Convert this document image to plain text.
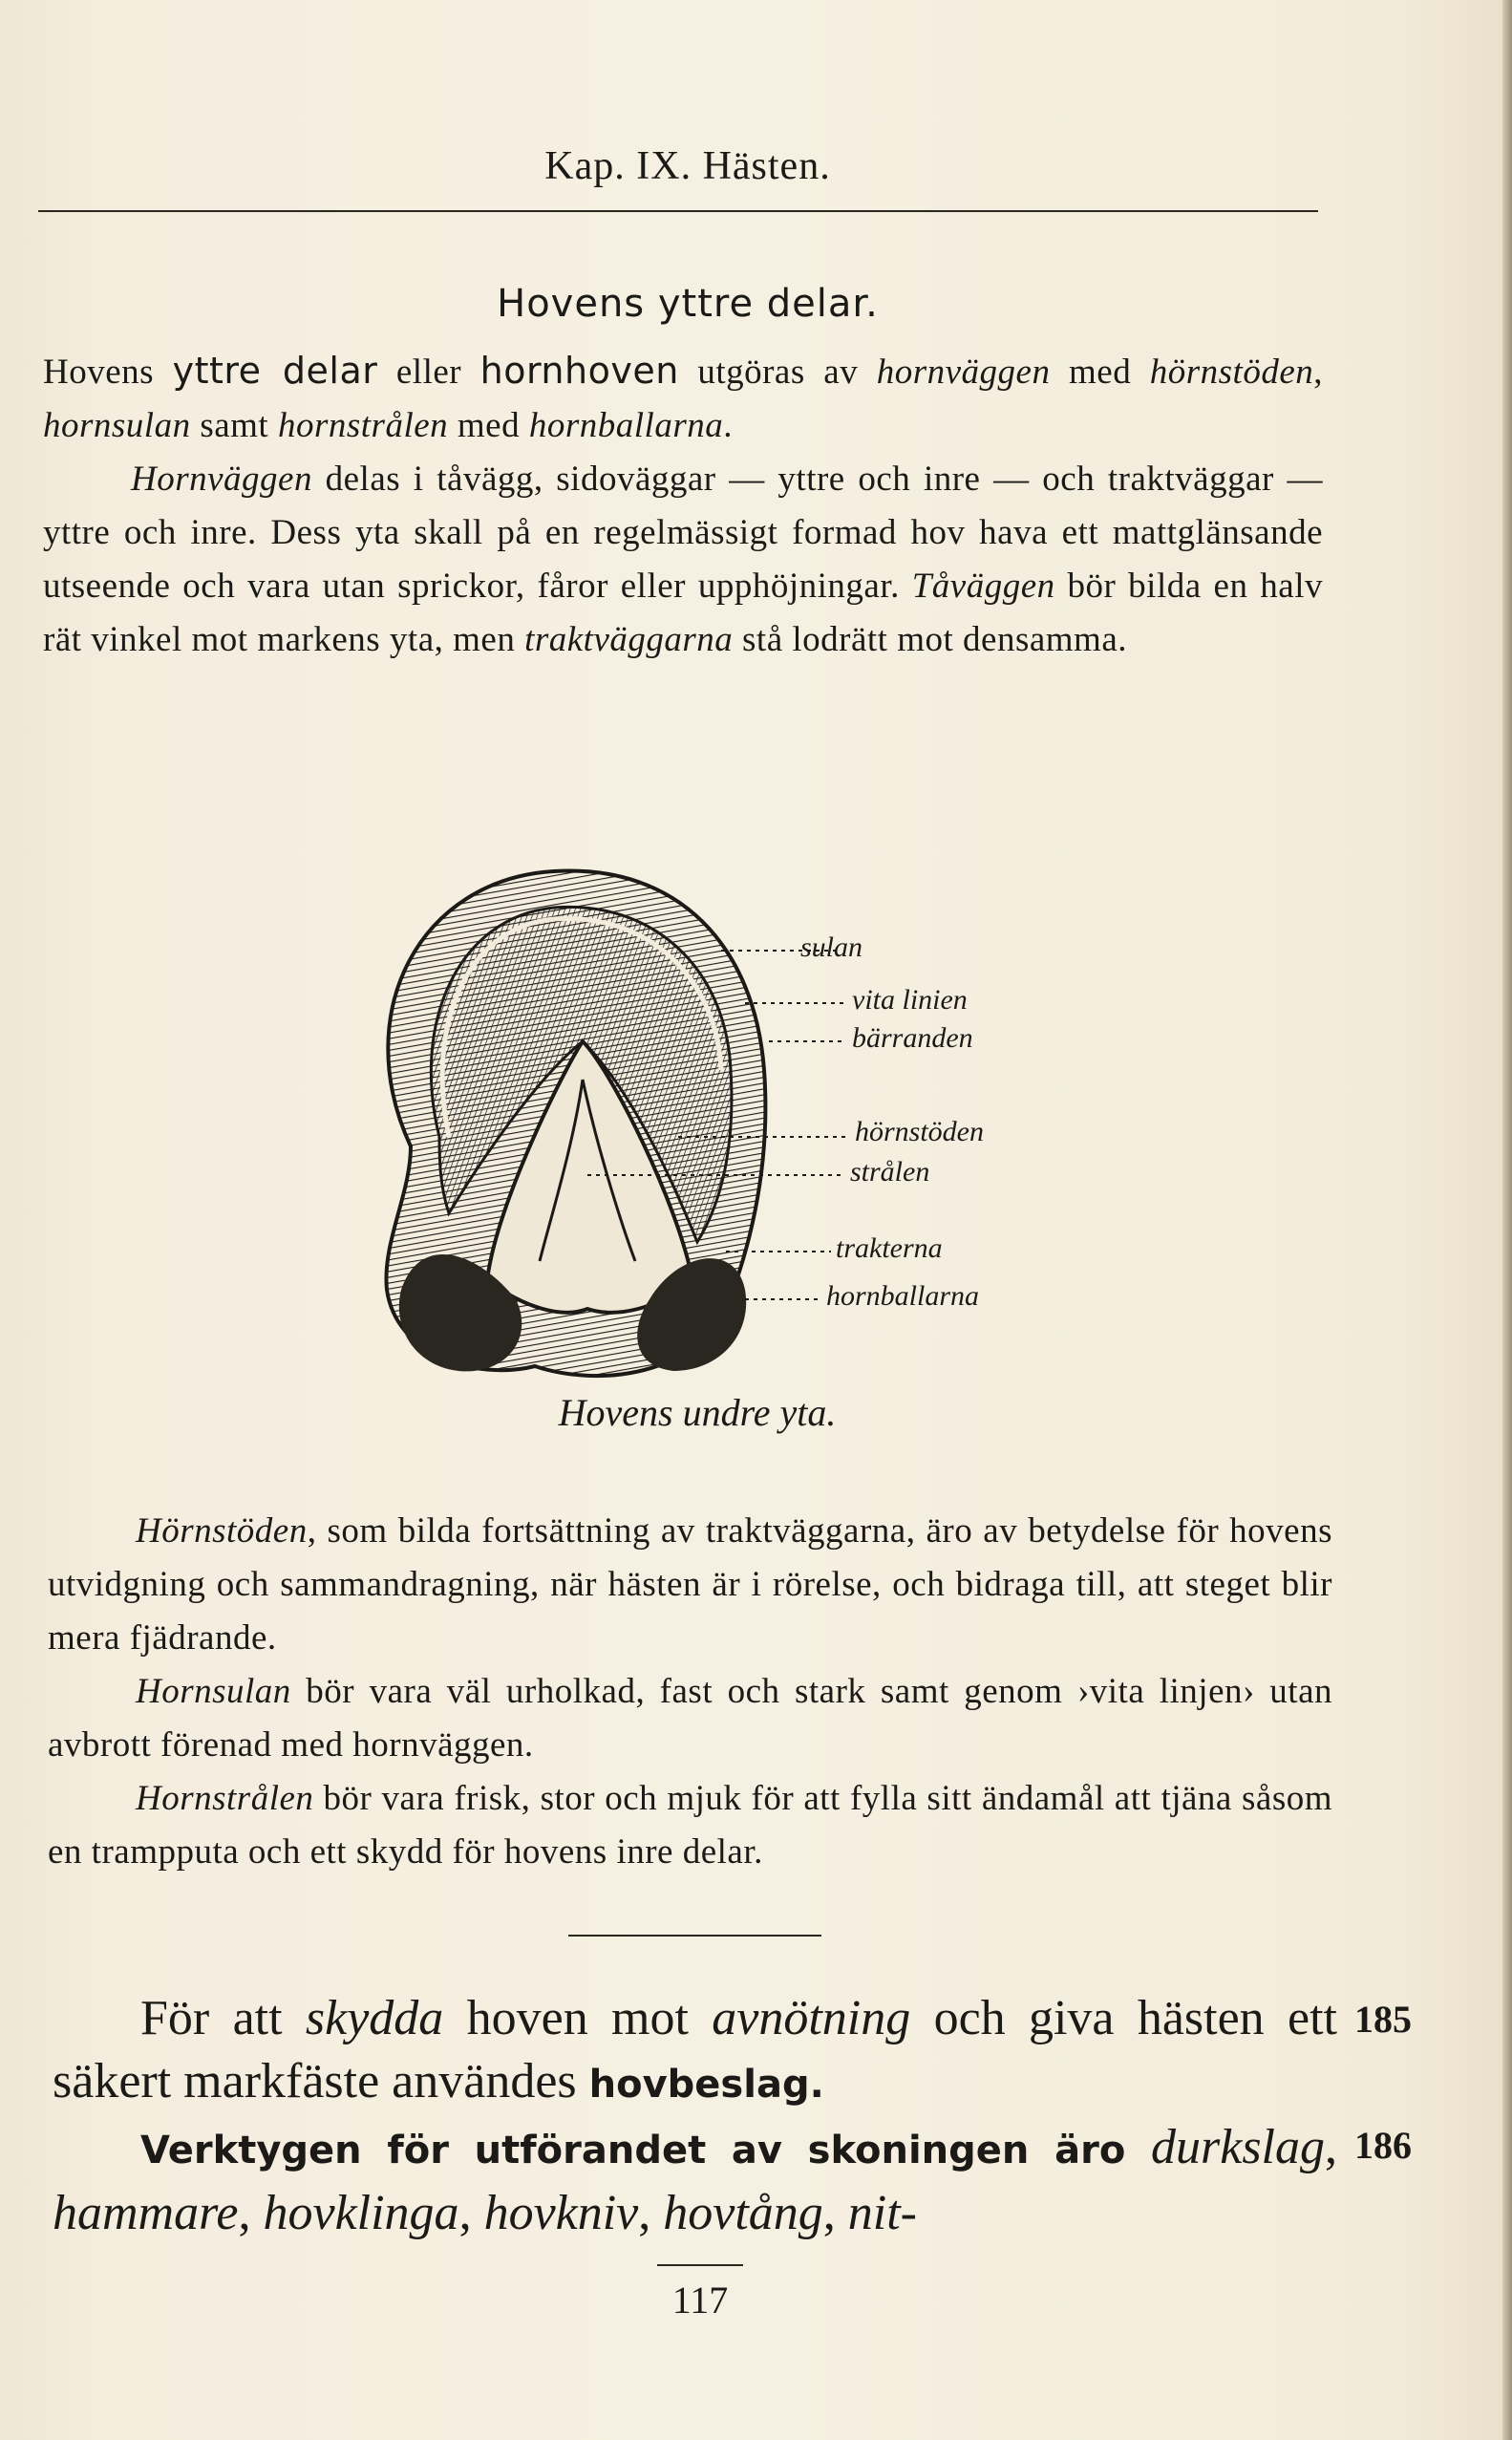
Kap. IX. Hästen.
Hovens yttre delar.

Hovens yttre delar eller hornhoven utgöras av hornväggen med hörnstöden, hornsulan samt hornstrålen med hornballarna.

Hornväggen delas i tåvägg, sidoväggar — yttre och inre — och traktväggar — yttre och inre. Dess yta skall på en regelmässigt formad hov hava ett mattglänsande utseende och vara utan sprickor, fåror eller upphöjningar. Tåväggen bör bilda en halv rät vinkel mot markens yta, men traktväggarna stå lodrätt mot densamma.

sulan
vita linien
bärranden
hörnstöden
strålen
trakterna
hornballarna
Hovens undre yta.

Hörnstöden, som bilda fortsättning av traktväggarna, äro av betydelse för hovens utvidgning och sammandragning, när hästen är i rörelse, och bidraga till, att steget blir mera fjädrande.

Hornsulan bör vara väl urholkad, fast och stark samt genom ›vita linjen› utan avbrott förenad med hornväggen.

Hornstrålen bör vara frisk, stor och mjuk för att fylla sitt ändamål att tjäna såsom en trampputa och ett skydd för hovens inre delar.

För att skydda hoven mot avnötning och giva hästen ett säkert markfäste användes hovbeslag.

Verktygen för utförandet av skoningen äro durkslag, hammare, hovklinga, hovkniv, hovtång, nit-

185
186
117
